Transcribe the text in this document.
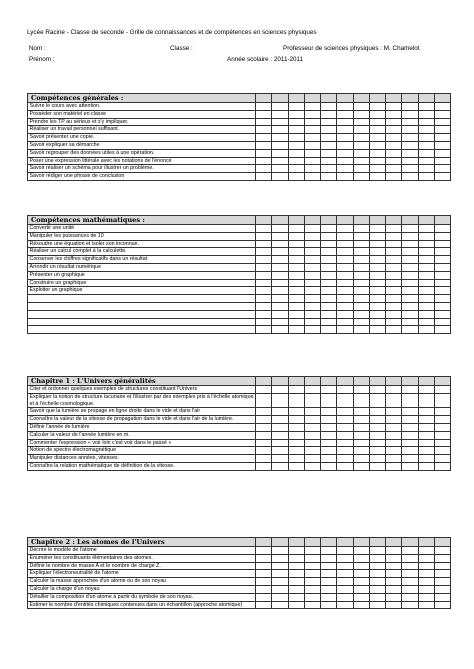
Lycée Racine - Classe de seconde - Grille de connaissances et de compétences en sciences physiques
Nom :	Classe :	Professeur de sciences physiques : M. Chamelot
Prénom :	Année scolaire : 2011-2011
Compétences générales :												
Suivre le cours avec attention.												
Posséder son matériel en classe												
Prendre les TP au sérieux et s'y impliquer.												
Réaliser un travail personnel suffisant.												
Savoir présenter une copie.												
Savoir expliquer sa démarche												
Savoir regrouper des données utiles à une opération.												
Poser une expression littérale avec les notations de l'énoncé												
Savoir réaliser un schéma pour illustrer un problème.												
Savoir rédiger une phrase de conclusion												
Compétences mathématiques :												
Convertir une unité												
Manipuler les puissances de 10												
Résoudre une équation et isoler son inconnue.												
Réaliser un calcul complet à la calculette.												
Conserver les chiffres significatifs dans un résultat												
Arrondir un résultat numérique												
Présenter un graphique												
Construire un graphique												
Exploiter un graphique												

Chapitre 1 : L'Univers généralités												
Citer et ordonner quelques exemples de structures constituant l'Univers												
Expliquer la notion de structure lacunaire et l'illustrer par des exemples pris à l'échelle atomique et à l'échelle cosmologique.												
Savoir que la lumière se propage en ligne droite dans le vide et dans l'air												
Connaître la valeur de la vitesse de propagation dans le vide et dans l'air de la lumière.												
Définir l'année de lumière												
Calculer la valeur de l'année lumière en m.												
Commenter l'expression « voir loin c'est voir dans le passé »												
Notion de spectre électromagnétique												
Manipuler distances années, vitesses.												
Connaître la relation mathématique de définition de la vitesse.												
Chapitre 2 : Les atomes de l'Univers												
Décrire le modèle de l'atome												
Enumérer les constituants élémentaires des atomes.												
Définir le nombre de masse A et le nombre de charge Z.												
Expliquer l'électroneutralité de l'atome												
Calculer la masse approchée d'un atome ou de son noyau												
Calculer la charge d'un noyau												
Détailler la composition d'un atome à partir du symbole de son noyau.												
Estimer le nombre d'entités chimiques contenues dans un échantillon (approche atomique)												
